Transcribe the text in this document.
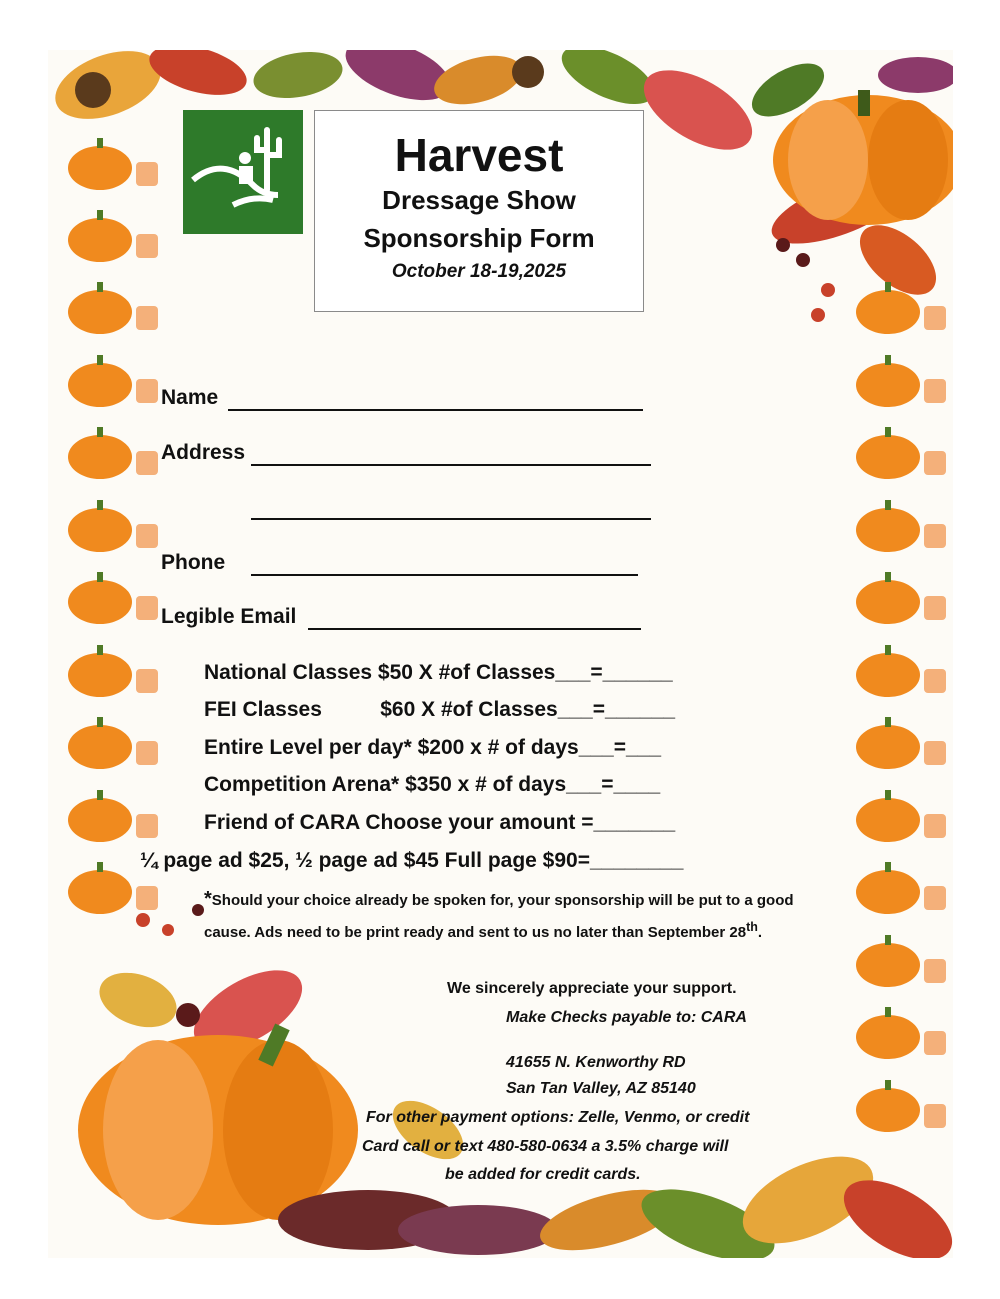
Harvest
Dressage Show
Sponsorship Form
October 18-19,2025
Name
Address
Phone
Legible Email
National Classes $50 X #of Classes___=______
FEI Classes          $60 X #of Classes___=______
Entire Level per day* $200 x # of days___=___
Competition Arena* $350 x # of days___=____
Friend of CARA Choose your amount =_______
¼ page ad $25, ½ page ad $45 Full page $90=________
*Should your choice already be spoken for, your sponsorship will be put to a good cause. Ads need to be print ready and sent to us no later than September 28th.
We sincerely appreciate your support.
Make Checks payable to: CARA
41655 N. Kenworthy RD
San Tan Valley, AZ 85140
For other payment options: Zelle, Venmo, or credit
Card call or text 480-580-0634 a 3.5% charge will
be added for credit cards.
